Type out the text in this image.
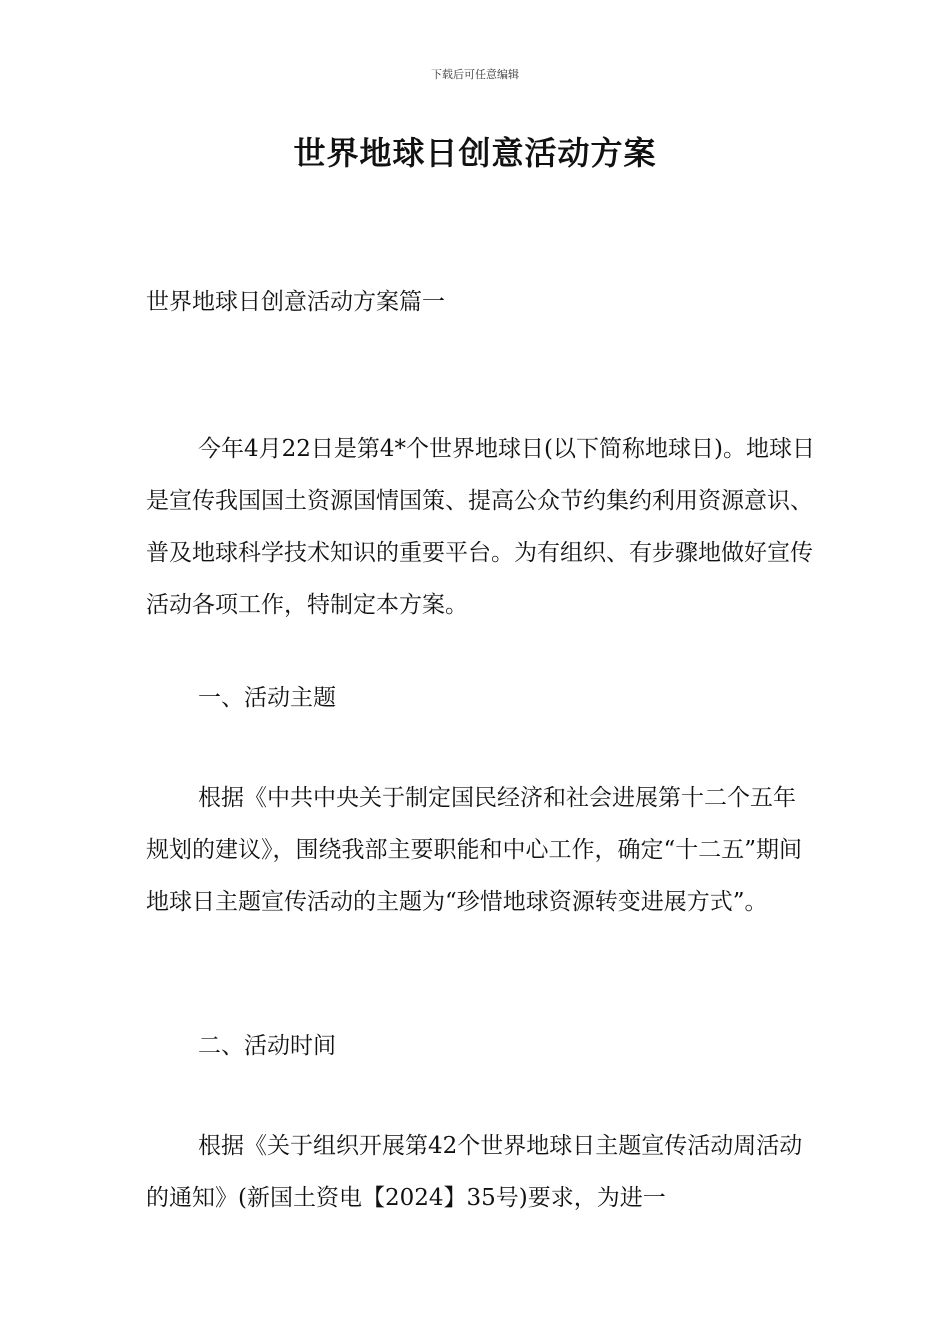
下载后可任意编辑
世界地球日创意活动方案

世界地球日创意活动方案篇一

今年4月22日是第4*个世界地球日(以下简称地球日)。地球日是宣传我国国土资源国情国策、提高公众节约集约利用资源意识、普及地球科学技术知识的重要平台。为有组织、有步骤地做好宣传活动各项工作，特制定本方案。

一、活动主题

根据《中共中央关于制定国民经济和社会进展第十二个五年规划的建议》，围绕我部主要职能和中心工作，确定“十二五”期间地球日主题宣传活动的主题为“珍惜地球资源转变进展方式”。

二、活动时间

根据《关于组织开展第42个世界地球日主题宣传活动周活动的通知》(新国土资电【2024】35号)要求，为进一
